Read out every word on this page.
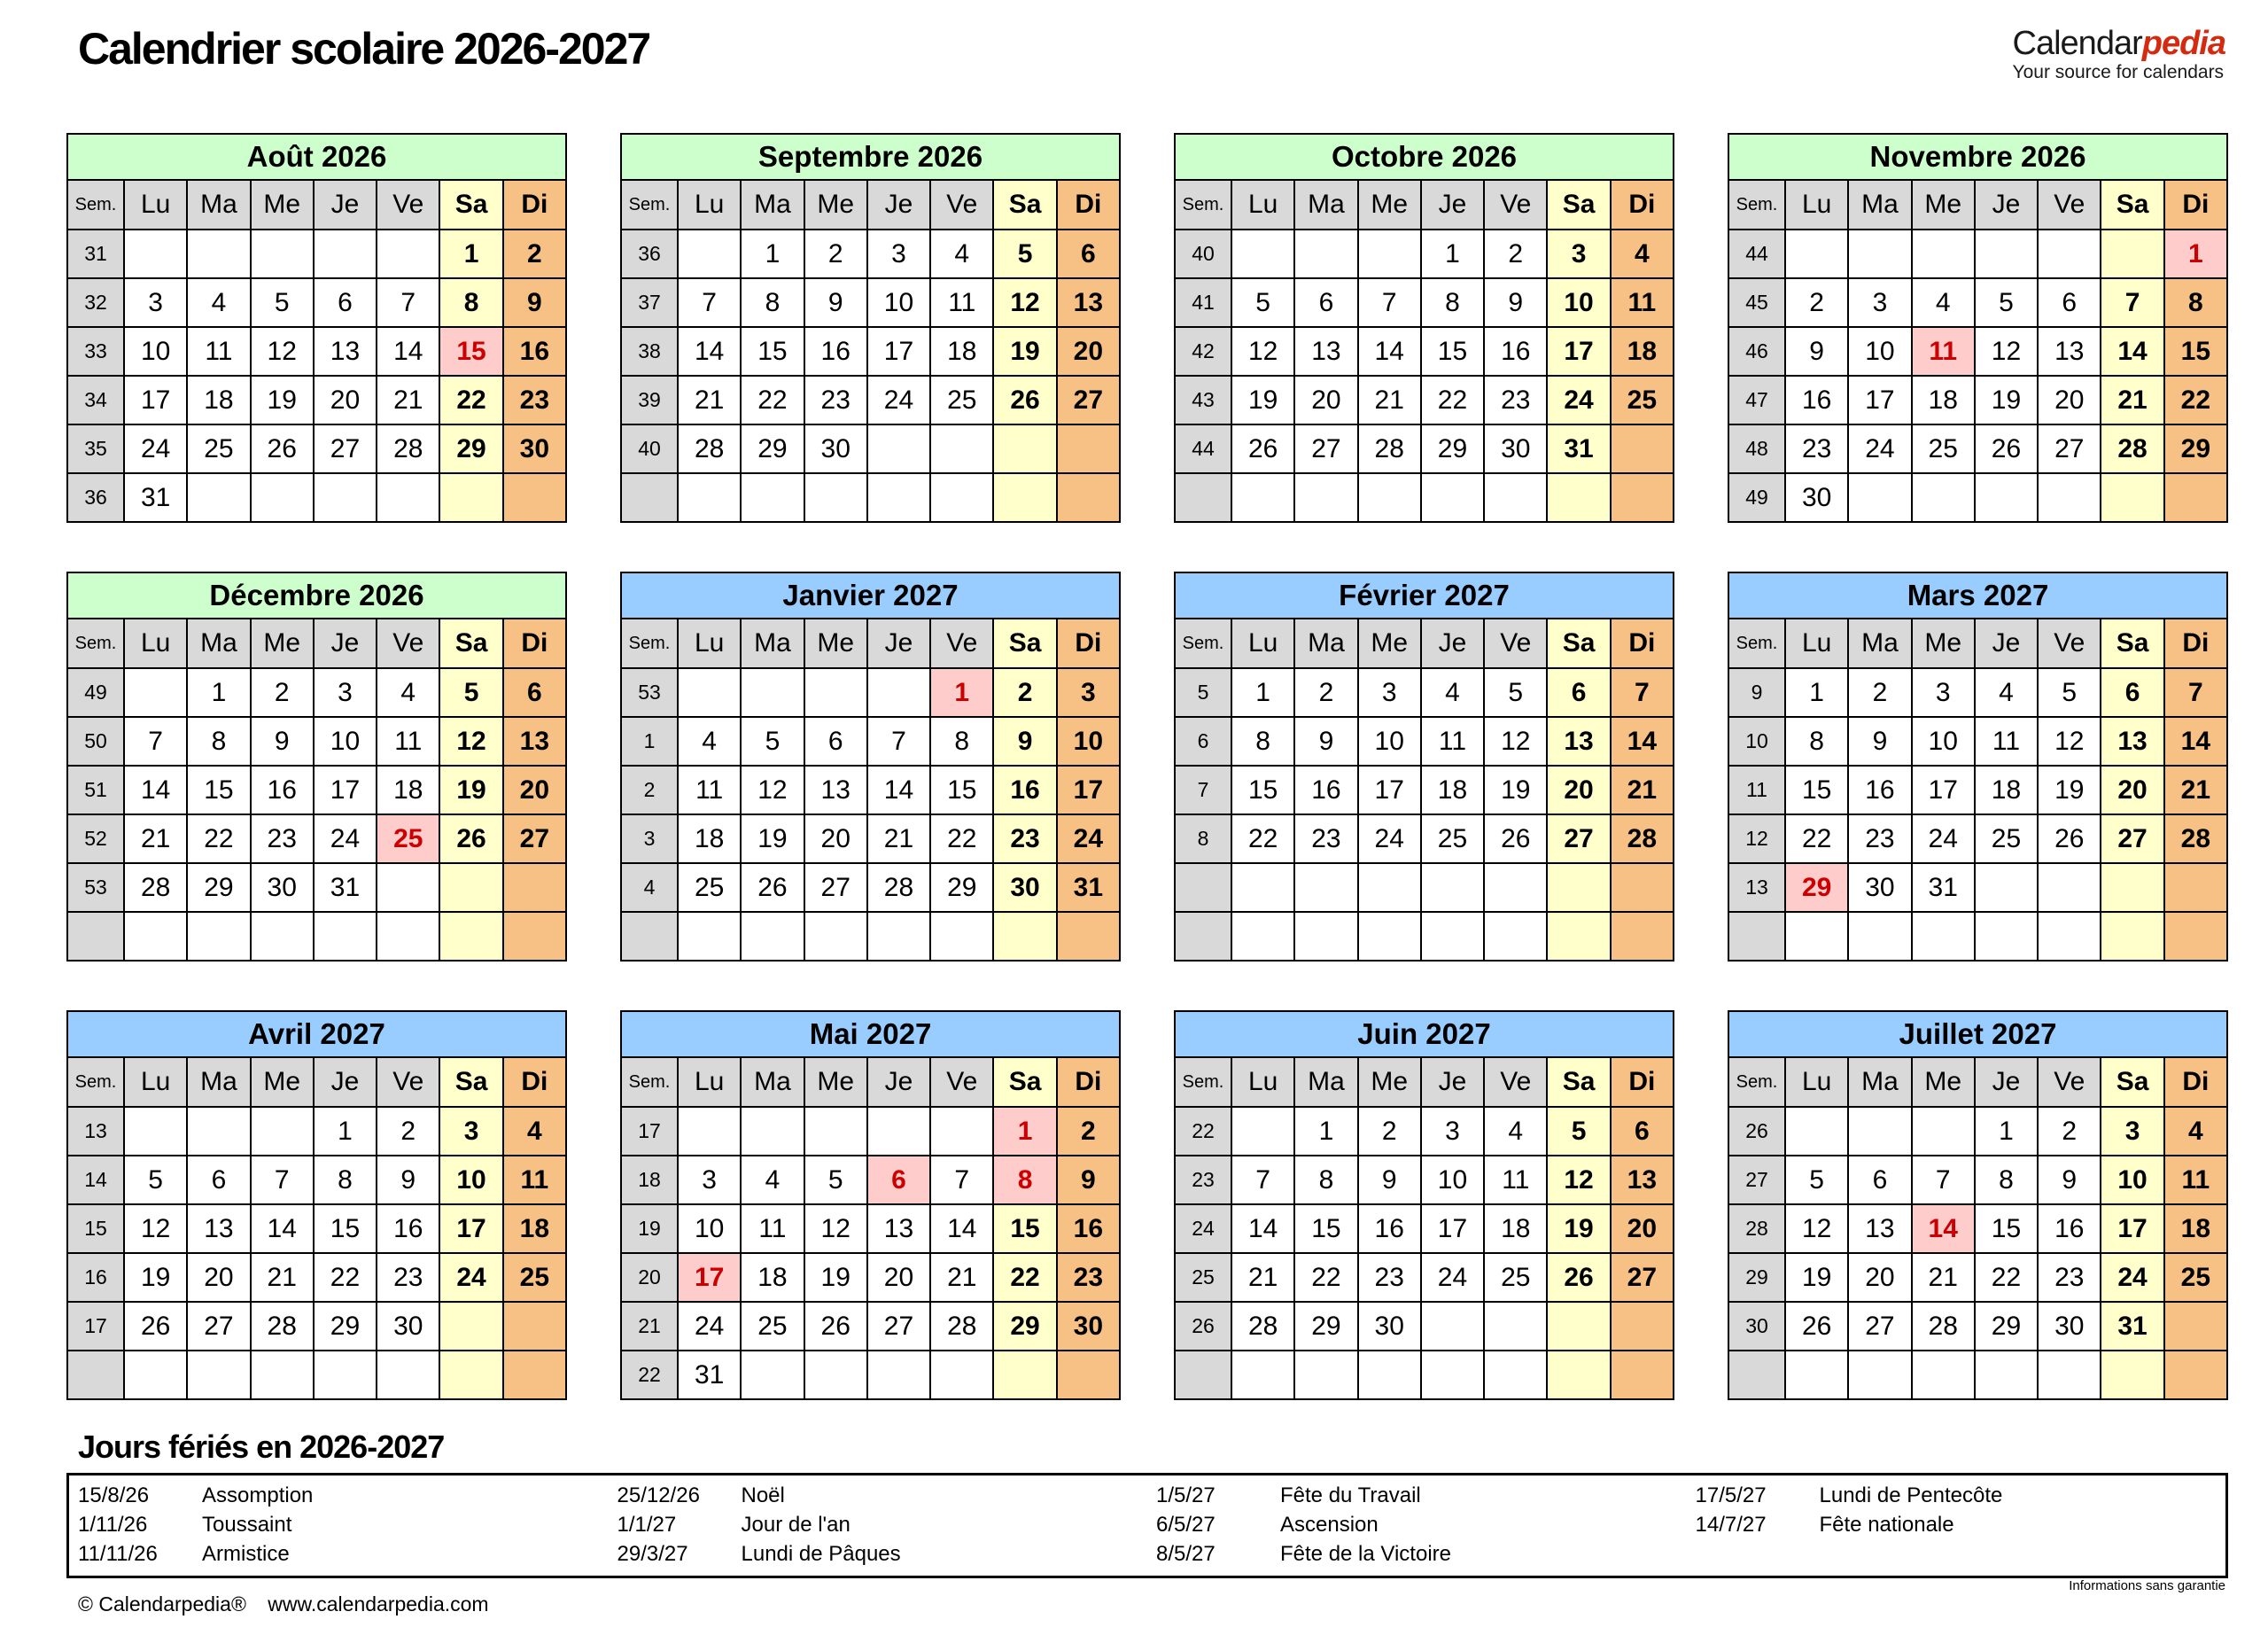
Calendrier scolaire 2026-2027	Calendarpedia
Your source for calendars
Août 2026							
Sem.	Lu	Ma	Me	Je	Ve	Sa	Di
31						1	2
32	3	4	5	6	7	8	9
33	10	11	12	13	14	15	16
34	17	18	19	20	21	22	23
35	24	25	26	27	28	29	30
36	31						
Septembre 2026							
Sem.	Lu	Ma	Me	Je	Ve	Sa	Di
36		1	2	3	4	5	6
37	7	8	9	10	11	12	13
38	14	15	16	17	18	19	20
39	21	22	23	24	25	26	27
40	28	29	30				

Octobre 2026							
Sem.	Lu	Ma	Me	Je	Ve	Sa	Di
40				1	2	3	4
41	5	6	7	8	9	10	11
42	12	13	14	15	16	17	18
43	19	20	21	22	23	24	25
44	26	27	28	29	30	31	

Novembre 2026							
Sem.	Lu	Ma	Me	Je	Ve	Sa	Di
44							1
45	2	3	4	5	6	7	8
46	9	10	11	12	13	14	15
47	16	17	18	19	20	21	22
48	23	24	25	26	27	28	29
49	30						
Décembre 2026							
Sem.	Lu	Ma	Me	Je	Ve	Sa	Di
49		1	2	3	4	5	6
50	7	8	9	10	11	12	13
51	14	15	16	17	18	19	20
52	21	22	23	24	25	26	27
53	28	29	30	31			

Janvier 2027							
Sem.	Lu	Ma	Me	Je	Ve	Sa	Di
53					1	2	3
1	4	5	6	7	8	9	10
2	11	12	13	14	15	16	17
3	18	19	20	21	22	23	24
4	25	26	27	28	29	30	31

Février 2027							
Sem.	Lu	Ma	Me	Je	Ve	Sa	Di
5	1	2	3	4	5	6	7
6	8	9	10	11	12	13	14
7	15	16	17	18	19	20	21
8	22	23	24	25	26	27	28

Mars 2027							
Sem.	Lu	Ma	Me	Je	Ve	Sa	Di
9	1	2	3	4	5	6	7
10	8	9	10	11	12	13	14
11	15	16	17	18	19	20	21
12	22	23	24	25	26	27	28
13	29	30	31				

Avril 2027							
Sem.	Lu	Ma	Me	Je	Ve	Sa	Di
13				1	2	3	4
14	5	6	7	8	9	10	11
15	12	13	14	15	16	17	18
16	19	20	21	22	23	24	25
17	26	27	28	29	30		

Mai 2027							
Sem.	Lu	Ma	Me	Je	Ve	Sa	Di
17						1	2
18	3	4	5	6	7	8	9
19	10	11	12	13	14	15	16
20	17	18	19	20	21	22	23
21	24	25	26	27	28	29	30
22	31						
Juin 2027							
Sem.	Lu	Ma	Me	Je	Ve	Sa	Di
22		1	2	3	4	5	6
23	7	8	9	10	11	12	13
24	14	15	16	17	18	19	20
25	21	22	23	24	25	26	27
26	28	29	30				

Juillet 2027							
Sem.	Lu	Ma	Me	Je	Ve	Sa	Di
26				1	2	3	4
27	5	6	7	8	9	10	11
28	12	13	14	15	16	17	18
29	19	20	21	22	23	24	25
30	26	27	28	29	30	31	

Jours fériés en 2026-2027
15/8/26	Assomption
1/11/26	Toussaint
11/11/26	Armistice
25/12/26	Noël
1/1/27	Jour de l'an
29/3/27	Lundi de Pâques
1/5/27	Fête du Travail
6/5/27	Ascension
8/5/27	Fête de la Victoire
17/5/27	Lundi de Pentecôte
14/7/27	Fête nationale
Informations sans garantie
© Calendarpedia® www.calendarpedia.com
